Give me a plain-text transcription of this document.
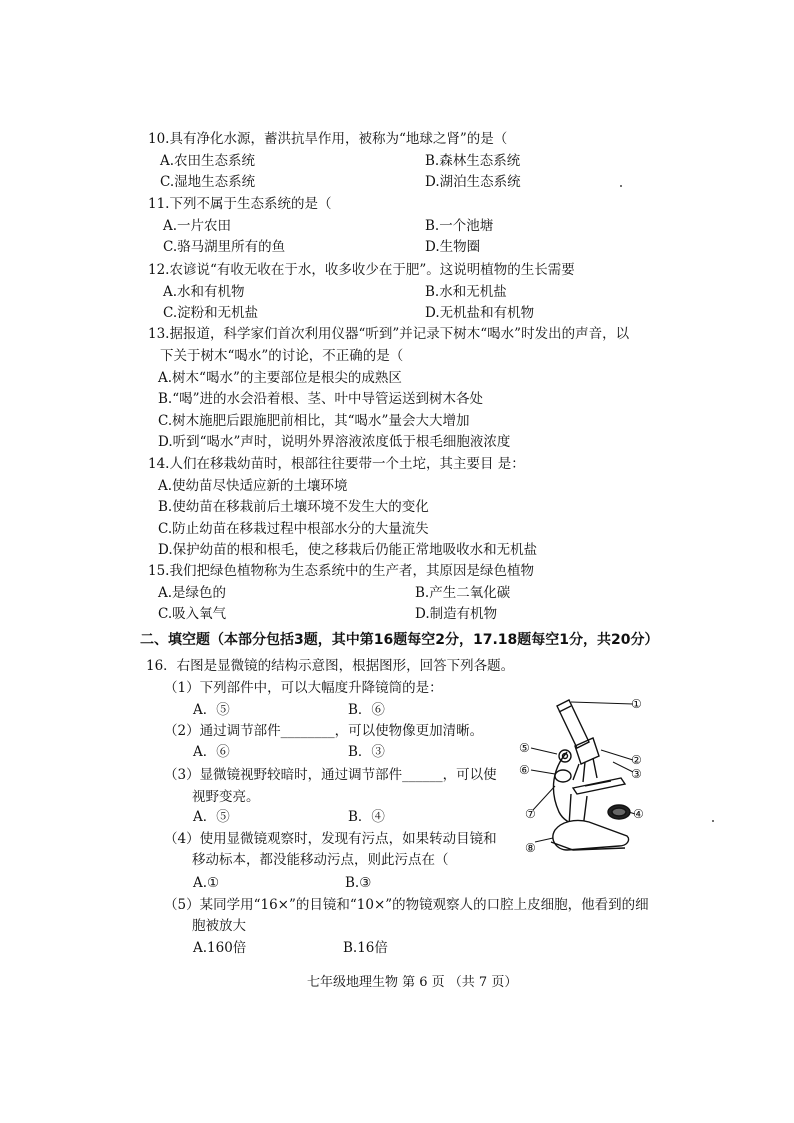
10.具有净化水源，蓄洪抗旱作用，被称为“地球之肾”的是（
A.农田生态系统	B.森林生态系统
C.湿地生态系统	D.湖泊生态系统
11.下列不属于生态系统的是（
A.一片农田	B.一个池塘
C.骆马湖里所有的鱼	D.生物圈
12.农谚说“有收无收在于水，收多收少在于肥”。这说明植物的生长需要
A.水和有机物	B.水和无机盐
C.淀粉和无机盐	D.无机盐和有机物
13.据报道，科学家们首次利用仪器“听到”并记录下树木“喝水”时发出的声音，以
下关于树木“喝水”的讨论，不正确的是（
A.树木“喝水”的主要部位是根尖的成熟区
B.“喝”进的水会沿着根、茎、叶中导管运送到树木各处
C.树木施肥后跟施肥前相比，其“喝水”量会大大增加
D.听到“喝水”声时，说明外界溶液浓度低于根毛细胞液浓度
14.人们在移栽幼苗时，根部往往要带一个土坨，其主要目 是：
A.使幼苗尽快适应新的土壤环境
B.使幼苗在移栽前后土壤环境不发生大的变化
C.防止幼苗在移栽过程中根部水分的大量流失
D.保护幼苗的根和根毛，使之移栽后仍能正常地吸收水和无机盐
15.我们把绿色植物称为生态系统中的生产者，其原因是绿色植物
A.是绿色的	B.产生二氧化碳
C.吸入氧气	D.制造有机物
二、填空题（本部分包括3题，其中第16题每空2分，17.18题每空1分，共20分）
16．右图是显微镜的结构示意图，根据图形，回答下列各题。
（1）下列部件中，可以大幅度升降镜筒的是：
A．⑤	B．⑥
（2）通过调节部件________，可以使物像更加清晰。
A．⑥	B．③
（3）显微镜视野较暗时，通过调节部件______，可以使
视野变亮。
A．⑤	B．④
（4）使用显微镜观察时，发现有污点，如果转动目镜和
移动标本，都没能移动污点，则此污点在（
A.①	B.③
（5）某同学用“16×”的目镜和“10×”的物镜观察人的口腔上皮细胞，他看到的细
胞被放大
A.160倍	B.16倍
①
②
③
④
⑤
⑥
⑦
⑧
七年级地理生物 第 6 页 （共 7 页）
